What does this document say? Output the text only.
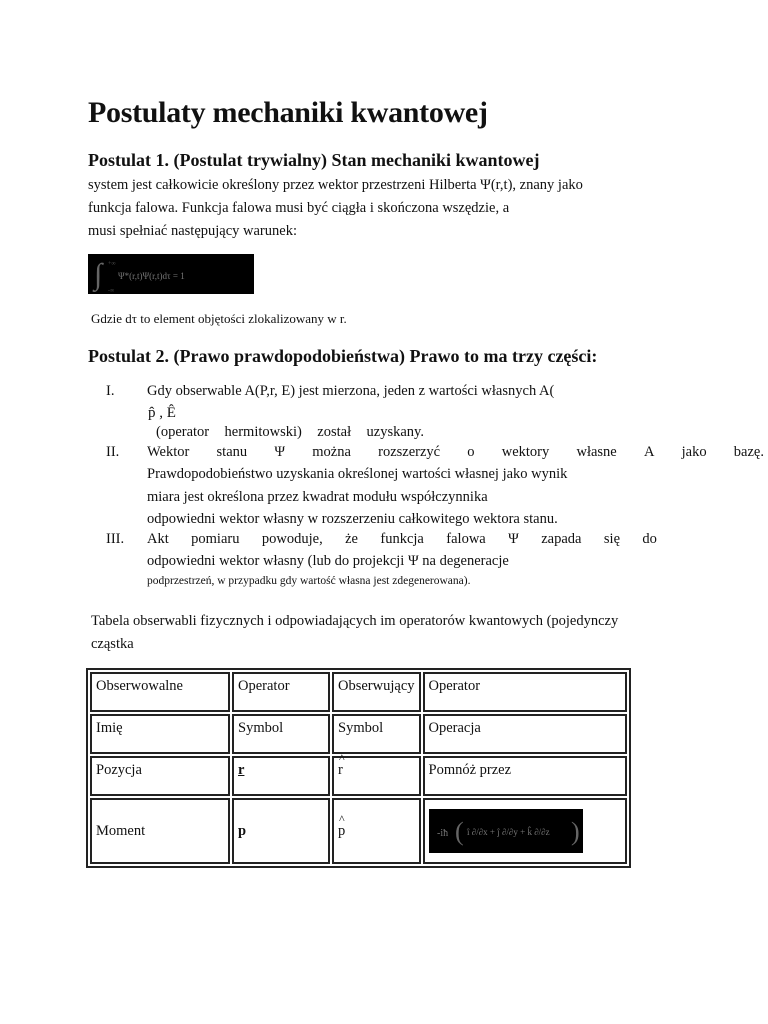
Postulaty mechaniki kwantowej
Postulat 1. (Postulat trywialny) Stan mechaniki kwantowej
system jest całkowicie określony przez wektor przestrzeni Hilberta Ψ(r,t), znany jako
funkcja falowa. Funkcja falowa musi być ciągła i skończona wszędzie, a
musi spełniać następujący warunek:
∫ +∞
-∞
Ψ*(r,t)Ψ(r,t)dτ = 1
Gdzie dτ to element objętości zlokalizowany w r.
Postulat 2. (Prawo prawdopodobieństwa) Prawo to ma trzy części:
I. Gdy obserwable A(P,r, E) jest mierzona, jeden z wartości własnych A(
p̂ , Ê
(operator hermitowski) został uzyskany.
II. Wektor stanu Ψ można rozszerzyć o wektory własne A jako bazę.
Prawdopodobieństwo uzyskania określonej wartości własnej jako wynik
miara jest określona przez kwadrat modułu współczynnika
odpowiedni wektor własny w rozszerzeniu całkowitego wektora stanu.
III. Akt pomiaru powoduje, że funkcja falowa Ψ zapada się do
odpowiedni wektor własny (lub do projekcji Ψ na degeneracje
podprzestrzeń, w przypadku gdy wartość własna jest zdegenerowana).
Tabela obserwabli fizycznych i odpowiadających im operatorów kwantowych (pojedynczy
cząstka
Obserwowalne	Operator	Obserwujący	Operator
Imię	Symbol	Symbol	Operacja
Pozycja	r	^ r	Pomnóż przez
Moment	p	^ p	-iħ ( î ∂/∂x + ĵ ∂/∂y + k̂ ∂/∂z )
